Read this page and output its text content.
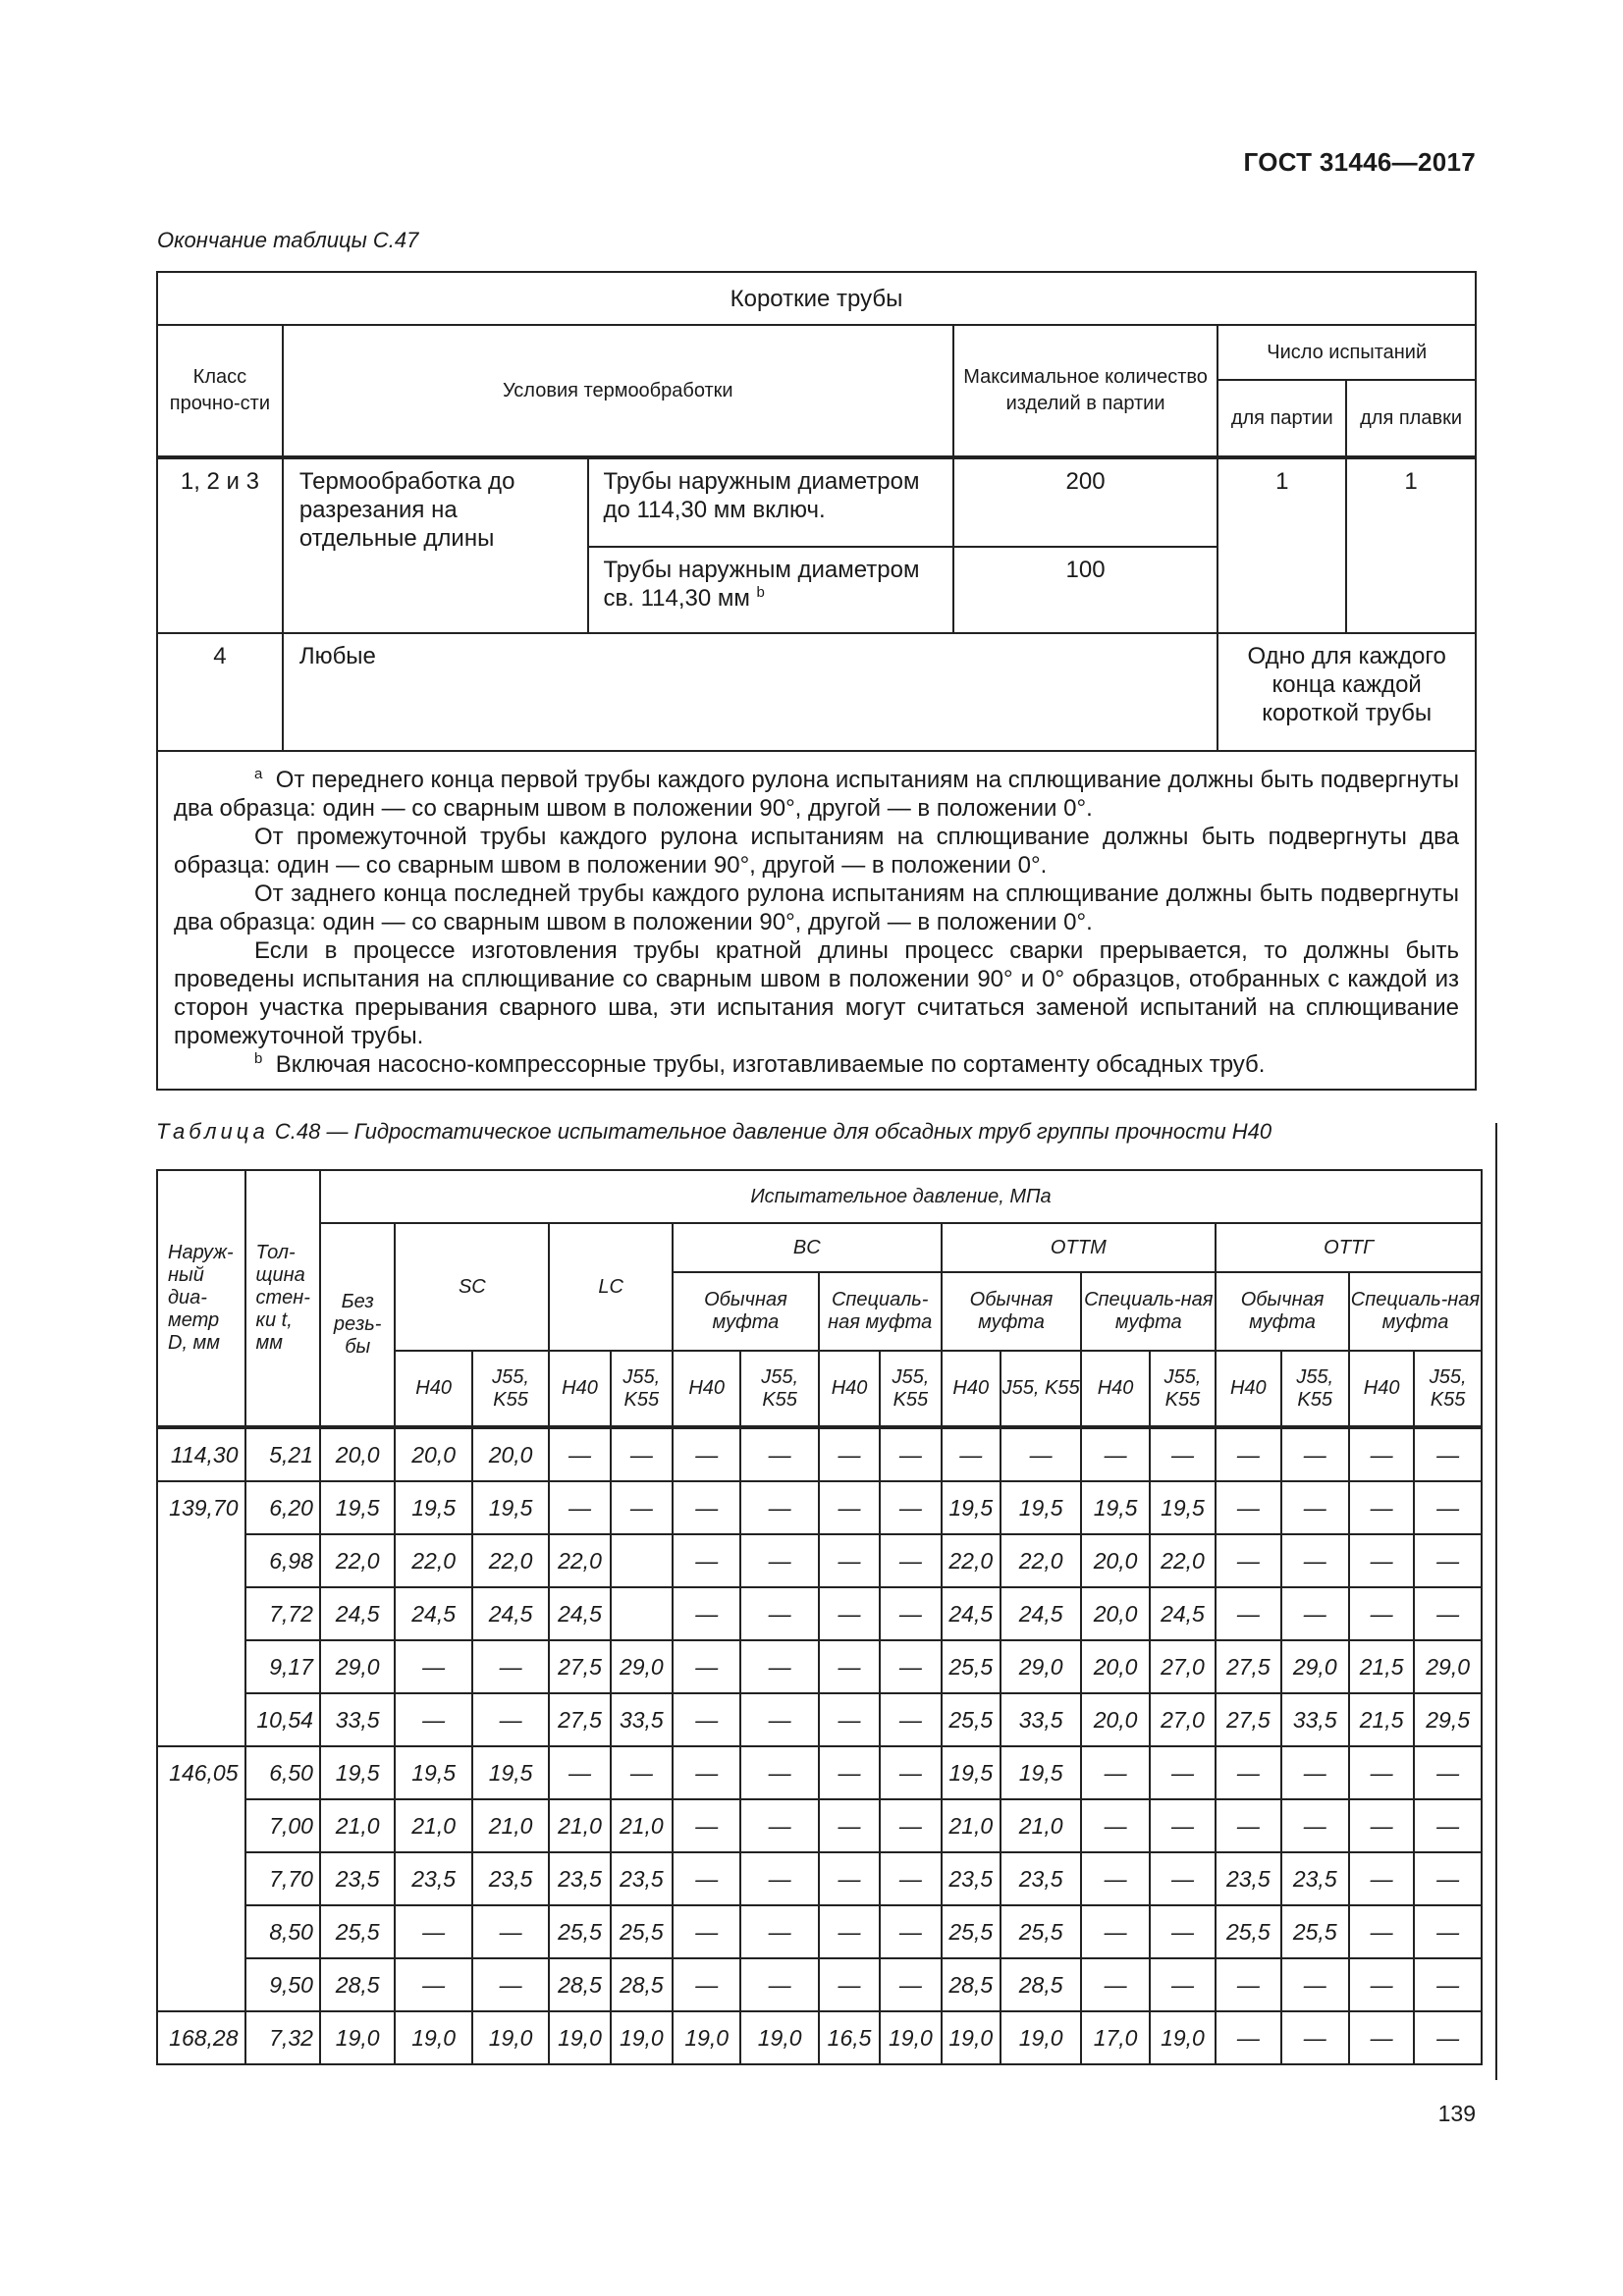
ГОСТ 31446—2017
Окончание таблицы С.47
Короткие трубы					
Класс прочно-сти	Условия термообработки		Максимальное количество изделий в партии	Число испытаний	
				для партии	для плавки
1, 2 и 3	Термообработка до разрезания на отдельные длины	Трубы наружным диаметром до 114,30 мм включ.	200	1	1
		Трубы наружным диаметром св. 114,30 мм $^b$	100		
4	Любые			Одно для каждого конца каждой короткой трубы	

$^a$ От переднего конца первой трубы каждого рулона испытаниям на сплющивание должны быть подвергнуты два образца: один — со сварным швом в положении 90°, другой — в положении 0°.

От промежуточной трубы каждого рулона испытаниям на сплющивание должны быть подвергнуты два образца: один — со сварным швом в положении 90°, другой — в положении 0°.

От заднего конца последней трубы каждого рулона испытаниям на сплющивание должны быть подвергнуты два образца: один — со сварным швом в положении 90°, другой — в положении 0°.

Если в процессе изготовления трубы кратной длины процесс сварки прерывается, то должны быть проведены испытания на сплющивание со сварным швом в положении 90° и 0° образцов, отобранных с каждой из сторон участка прерывания сварного шва, эти испытания могут считаться заменой испытаний на сплющивание промежуточной трубы.

$^b$ Включая насосно-компрессорные трубы, изготавливаемые по сортаменту обсадных труб.					

Таблица С.48 — Гидростатическое испытательное давление для обсадных труб группы прочности Н40
Наруж-ный диа-метр D, мм	Тол-щина стен-ки t, мм	Испытательное давление, МПа																
		Без резь-бы	SC		LC		BC				ОТТМ				ОТТГ			
							Обычная муфта		Специаль-ная муфта		Обычная муфта		Специаль-ная муфта		Обычная муфта		Специаль-ная муфта	
			Н40	J55, K55	Н40	J55, K55	Н40	J55, K55	Н40	J55, K55	Н40	J55, K55	Н40	J55, K55	Н40	J55, K55	Н40	J55, K55
114,30	5,21	20,0	20,0	20,0	—	—	—	—	—	—	—	—	—	—	—	—	—	—
139,70	6,20	19,5	19,5	19,5	—	—	—	—	—	—	19,5	19,5	19,5	19,5	—	—	—	—
	6,98	22,0	22,0	22,0	22,0		—	—	—	—	22,0	22,0	20,0	22,0	—	—	—	—
	7,72	24,5	24,5	24,5	24,5		—	—	—	—	24,5	24,5	20,0	24,5	—	—	—	—
	9,17	29,0	—	—	27,5	29,0	—	—	—	—	25,5	29,0	20,0	27,0	27,5	29,0	21,5	29,0
	10,54	33,5	—	—	27,5	33,5	—	—	—	—	25,5	33,5	20,0	27,0	27,5	33,5	21,5	29,5
146,05	6,50	19,5	19,5	19,5	—	—	—	—	—	—	19,5	19,5	—	—	—	—	—	—
	7,00	21,0	21,0	21,0	21,0	21,0	—	—	—	—	21,0	21,0	—	—	—	—	—	—
	7,70	23,5	23,5	23,5	23,5	23,5	—	—	—	—	23,5	23,5	—	—	23,5	23,5	—	—
	8,50	25,5	—	—	25,5	25,5	—	—	—	—	25,5	25,5	—	—	25,5	25,5	—	—
	9,50	28,5	—	—	28,5	28,5	—	—	—	—	28,5	28,5	—	—	—	—	—	—
168,28	7,32	19,0	19,0	19,0	19,0	19,0	19,0	19,0	16,5	19,0	19,0	19,0	17,0	19,0	—	—	—	—
139
